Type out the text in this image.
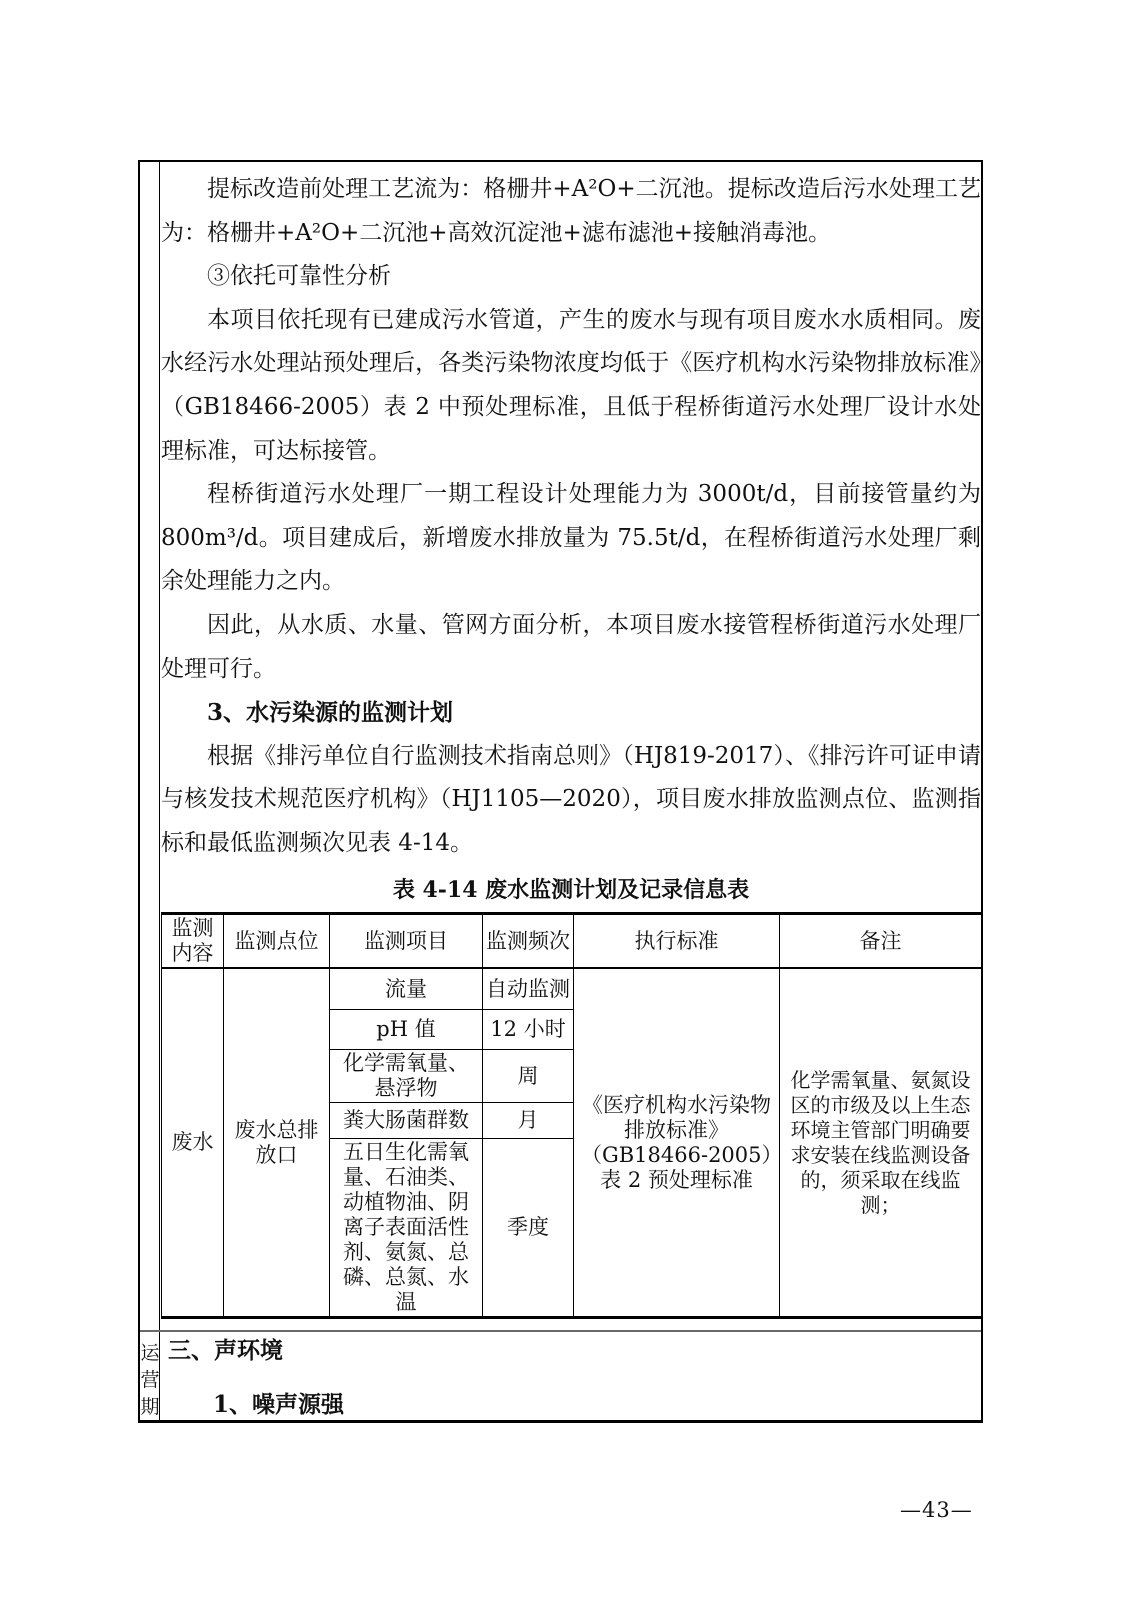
运营期

提标改造前处理工艺流为：格栅井+A²O+二沉池。提标改造后污水处理工艺为：格栅井+A²O+二沉池+高效沉淀池+滤布滤池+接触消毒池。

③依托可靠性分析

本项目依托现有已建成污水管道，产生的废水与现有项目废水水质相同。废水经污水处理站预处理后，各类污染物浓度均低于《医疗机构水污染物排放标准》（GB18466-2005）表 2 中预处理标准，且低于程桥街道污水处理厂设计水处理标准，可达标接管。

程桥街道污水处理厂一期工程设计处理能力为 3000t/d，目前接管量约为 800m³/d。项目建成后，新增废水排放量为 75.5t/d，在程桥街道污水处理厂剩余处理能力之内。

因此，从水质、水量、管网方面分析，本项目废水接管程桥街道污水处理厂处理可行。

3、水污染源的监测计划

根据《排污单位自行监测技术指南总则》（HJ819-2017）、《排污许可证申请与核发技术规范医疗机构》（HJ1105—2020），项目废水排放监测点位、监测指标和最低监测频次见表 4-14。

表 4-14 废水监测计划及记录信息表
监测内容	监测点位	监测项目	监测频次	执行标准	备注
废水	废水总排放口	流量	自动监测	《医疗机构水污染物排放标准》（GB18466-2005）表 2 预处理标准	化学需氧量、氨氮设区的市级及以上生态环境主管部门明确要求安装在线监测设备的，须采取在线监测；
		pH 值	12 小时		
		化学需氧量、悬浮物	周		
		粪大肠菌群数	月		
		五日生化需氧量、石油类、动植物油、阴离子表面活性剂、氨氮、总磷、总氮、水温	季度		

三、声环境

1、噪声源强

—43—
